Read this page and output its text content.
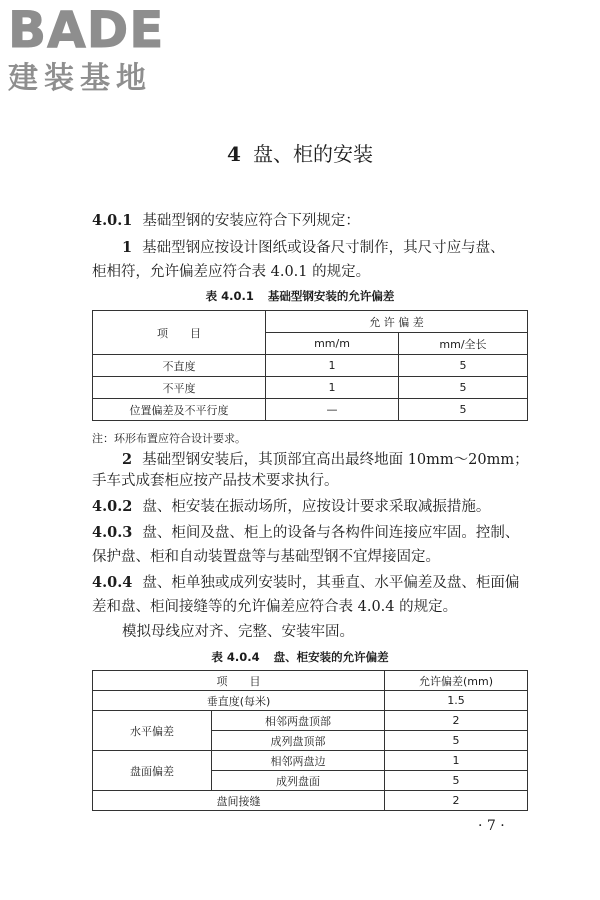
BADE
建装基地
4 盘、柜的安装
4.0.1 基础型钢的安装应符合下列规定：
1 基础型钢应按设计图纸或设备尺寸制作，其尺寸应与盘、
柜相符，允许偏差应符合表 4.0.1 的规定。
表 4.0.1 基础型钢安装的允许偏差
项　　目	允 许 偏 差	
	mm/m	mm/全长
不直度	1	5
不平度	1	5
位置偏差及不平行度	—	5
注：环形布置应符合设计要求。
2 基础型钢安装后，其顶部宜高出最终地面 10mm～20mm；
手车式成套柜应按产品技术要求执行。
4.0.2 盘、柜安装在振动场所，应按设计要求采取减振措施。
4.0.3 盘、柜间及盘、柜上的设备与各构件间连接应牢固。控制、
保护盘、柜和自动装置盘等与基础型钢不宜焊接固定。
4.0.4 盘、柜单独或成列安装时，其垂直、水平偏差及盘、柜面偏
差和盘、柜间接缝等的允许偏差应符合表 4.0.4 的规定。
模拟母线应对齐、完整、安装牢固。
表 4.0.4 盘、柜安装的允许偏差
项　　目		允许偏差(mm)
垂直度(每米)		1.5
水平偏差	相邻两盘顶部	2
	成列盘顶部	5
盘面偏差	相邻两盘边	1
	成列盘面	5
盘间接缝		2
· 7 ·
